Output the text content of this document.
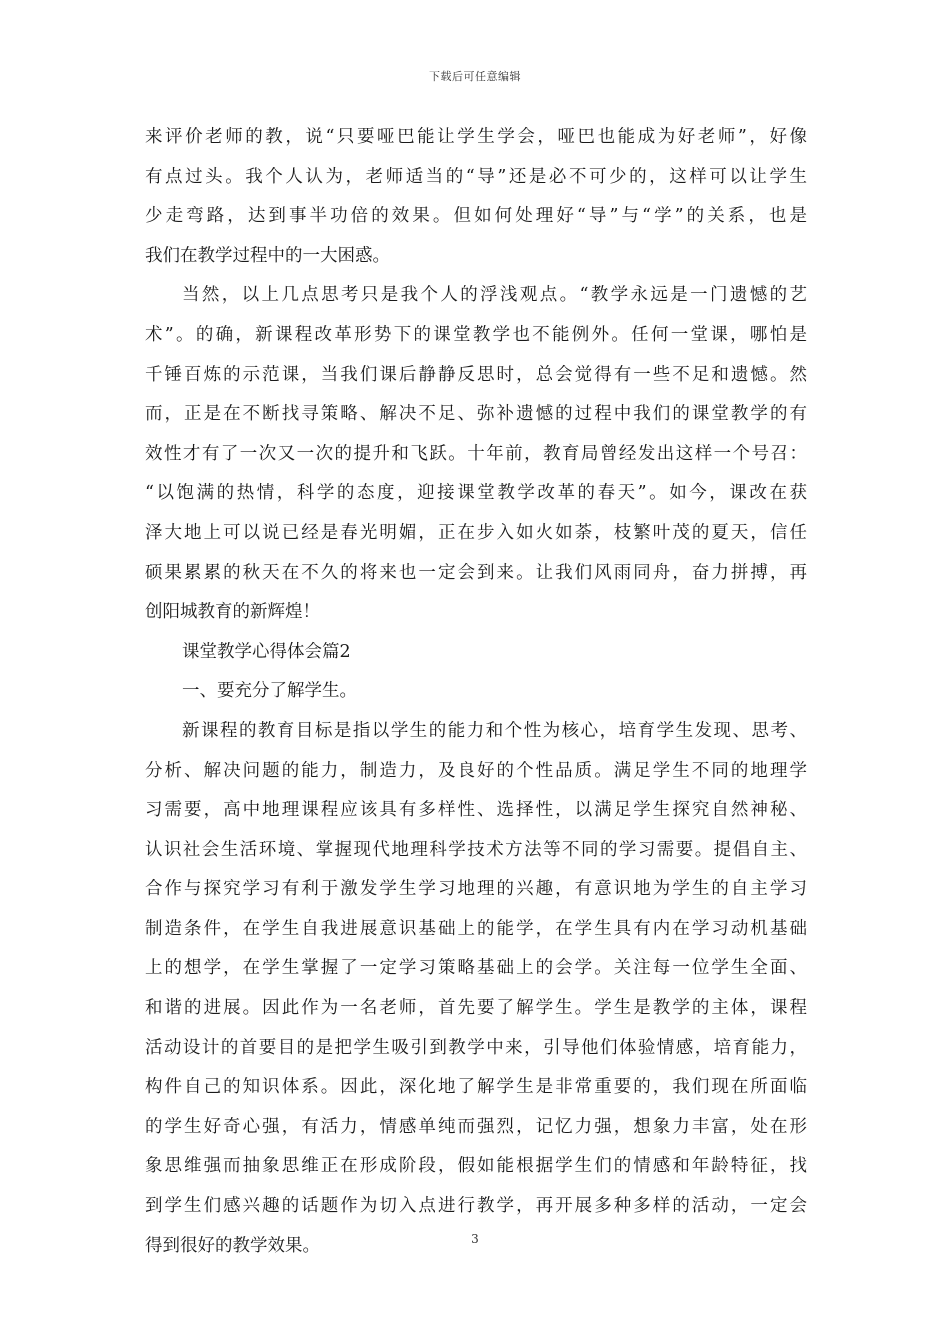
下载后可任意编辑
来评价老师的教，说“只要哑巴能让学生学会，哑巴也能成为好老师”，好像
有点过头。我个人认为，老师适当的“导”还是必不可少的，这样可以让学生
少走弯路，达到事半功倍的效果。但如何处理好“导”与“学”的关系，也是
我们在教学过程中的一大困惑。
当然，以上几点思考只是我个人的浮浅观点。“教学永远是一门遗憾的艺
术”。的确，新课程改革形势下的课堂教学也不能例外。任何一堂课，哪怕是
千锤百炼的示范课，当我们课后静静反思时，总会觉得有一些不足和遗憾。然
而，正是在不断找寻策略、解决不足、弥补遗憾的过程中我们的课堂教学的有
效性才有了一次又一次的提升和飞跃。十年前，教育局曾经发出这样一个号召：
“以饱满的热情，科学的态度，迎接课堂教学改革的春天”。如今，课改在获
泽大地上可以说已经是春光明媚，正在步入如火如荼，枝繁叶茂的夏天，信任
硕果累累的秋天在不久的将来也一定会到来。让我们风雨同舟，奋力拼搏，再
创阳城教育的新辉煌！
课堂教学心得体会篇2
一、要充分了解学生。
新课程的教育目标是指以学生的能力和个性为核心，培育学生发现、思考、
分析、解决问题的能力，制造力，及良好的个性品质。满足学生不同的地理学
习需要，高中地理课程应该具有多样性、选择性，以满足学生探究自然神秘、
认识社会生活环境、掌握现代地理科学技术方法等不同的学习需要。提倡自主、
合作与探究学习有利于激发学生学习地理的兴趣，有意识地为学生的自主学习
制造条件，在学生自我进展意识基础上的能学，在学生具有内在学习动机基础
上的想学，在学生掌握了一定学习策略基础上的会学。关注每一位学生全面、
和谐的进展。因此作为一名老师，首先要了解学生。学生是教学的主体，课程
活动设计的首要目的是把学生吸引到教学中来，引导他们体验情感，培育能力，
构件自己的知识体系。因此，深化地了解学生是非常重要的，我们现在所面临
的学生好奇心强，有活力，情感单纯而强烈，记忆力强，想象力丰富，处在形
象思维强而抽象思维正在形成阶段，假如能根据学生们的情感和年龄特征，找
到学生们感兴趣的话题作为切入点进行教学，再开展多种多样的活动，一定会
得到很好的教学效果。	3
